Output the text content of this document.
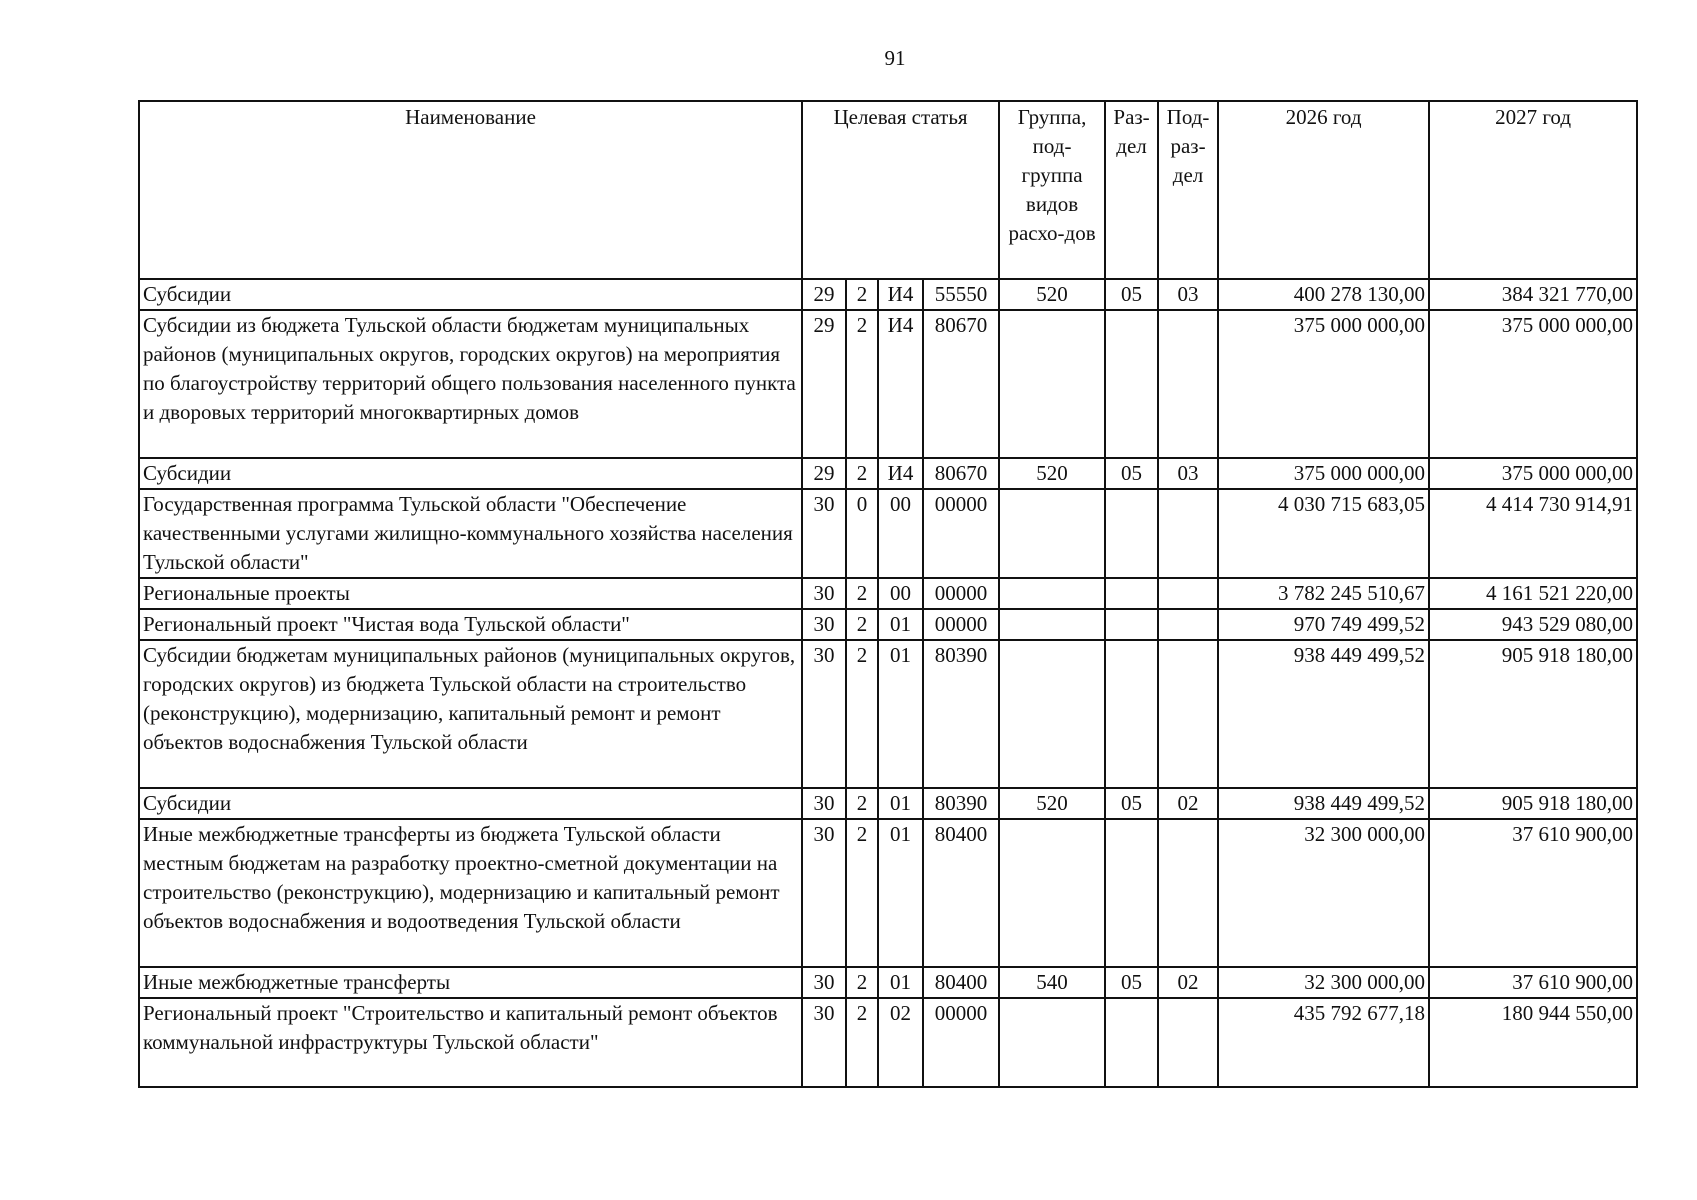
91
Наименование	Целевая статья				Группа, под-группа видов расхо-дов	Раз-дел	Под-раз-дел	2026 год	2027 год
Субсидии	29	2	И4	55550	520	05	03	400 278 130,00	384 321 770,00
Субсидии из бюджета Тульской области бюджетам муниципальных районов (муниципальных округов, городских округов) на мероприятия по благоустройству территорий общего пользования населенного пункта и дворовых территорий многоквартирных домов	29	2	И4	80670				375 000 000,00	375 000 000,00
Субсидии	29	2	И4	80670	520	05	03	375 000 000,00	375 000 000,00
Государственная программа Тульской области "Обеспечение качественными услугами жилищно-коммунального хозяйства населения Тульской области"	30	0	00	00000				4 030 715 683,05	4 414 730 914,91
Региональные проекты	30	2	00	00000				3 782 245 510,67	4 161 521 220,00
Региональный проект "Чистая вода Тульской области"	30	2	01	00000				970 749 499,52	943 529 080,00
Субсидии бюджетам муниципальных районов (муниципальных округов, городских округов) из бюджета Тульской области на строительство (реконструкцию), модернизацию, капитальный ремонт и ремонт объектов водоснабжения Тульской области	30	2	01	80390				938 449 499,52	905 918 180,00
Субсидии	30	2	01	80390	520	05	02	938 449 499,52	905 918 180,00
Иные межбюджетные трансферты из бюджета Тульской области местным бюджетам на разработку проектно-сметной документации на строительство (реконструкцию), модернизацию и капитальный ремонт объектов водоснабжения и водоотведения Тульской области	30	2	01	80400				32 300 000,00	37 610 900,00
Иные межбюджетные трансферты	30	2	01	80400	540	05	02	32 300 000,00	37 610 900,00
Региональный проект "Строительство и капитальный ремонт объектов коммунальной инфраструктуры Тульской области"	30	2	02	00000				435 792 677,18	180 944 550,00
